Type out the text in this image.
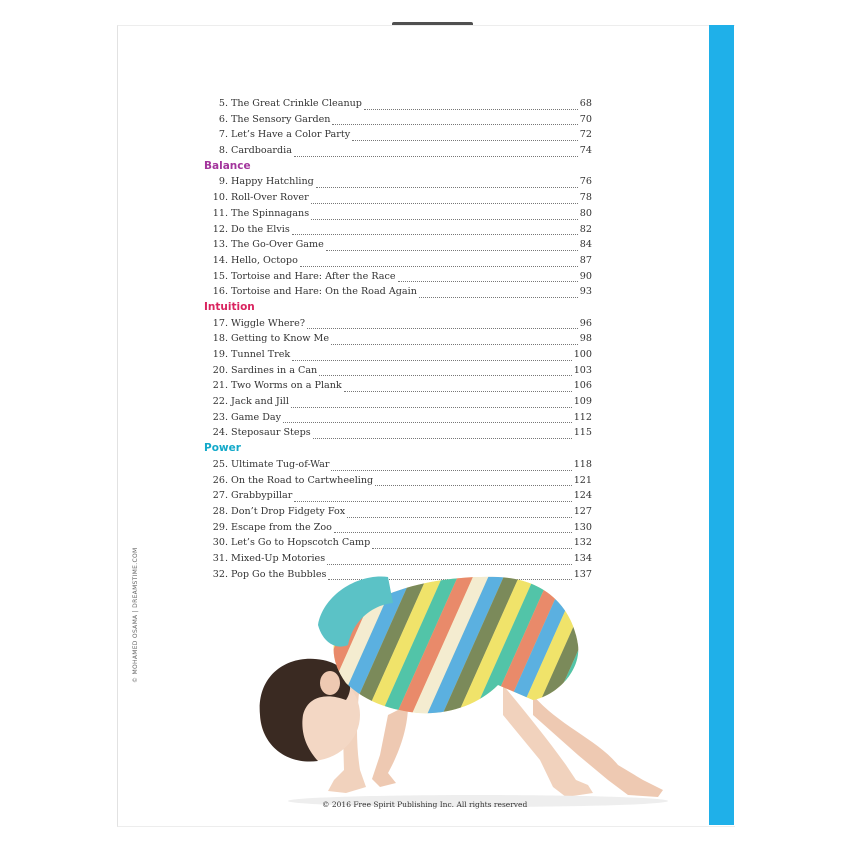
5. The Great Crinkle Cleanup	68
6. The Sensory Garden	70
7. Let’s Have a Color Party	72
8. Cardboardia	74
Balance
9. Happy Hatchling	76
10. Roll-Over Rover	78
11. The Spinnagans	80
12. Do the Elvis	82
13. The Go-Over Game	84
14. Hello, Octopo	87
15. Tortoise and Hare: After the Race	90
16. Tortoise and Hare: On the Road Again	93
Intuition
17. Wiggle Where?	96
18. Getting to Know Me	98
19. Tunnel Trek	100
20. Sardines in a Can	103
21. Two Worms on a Plank	106
22. Jack and Jill	109
23. Game Day	112
24. Steposaur Steps	115
Power
25. Ultimate Tug-of-War	118
26. On the Road to Cartwheeling	121
27. Grabbypillar	124
28. Don’t Drop Fidgety Fox	127
29. Escape from the Zoo	130
30. Let’s Go to Hopscotch Camp	132
31. Mixed-Up Motories	134
32. Pop Go the Bubbles	137
© MOHAMED OSAMA | DREAMSTIME.COM
© 2016 Free Spirit Publishing Inc. All rights reserved
